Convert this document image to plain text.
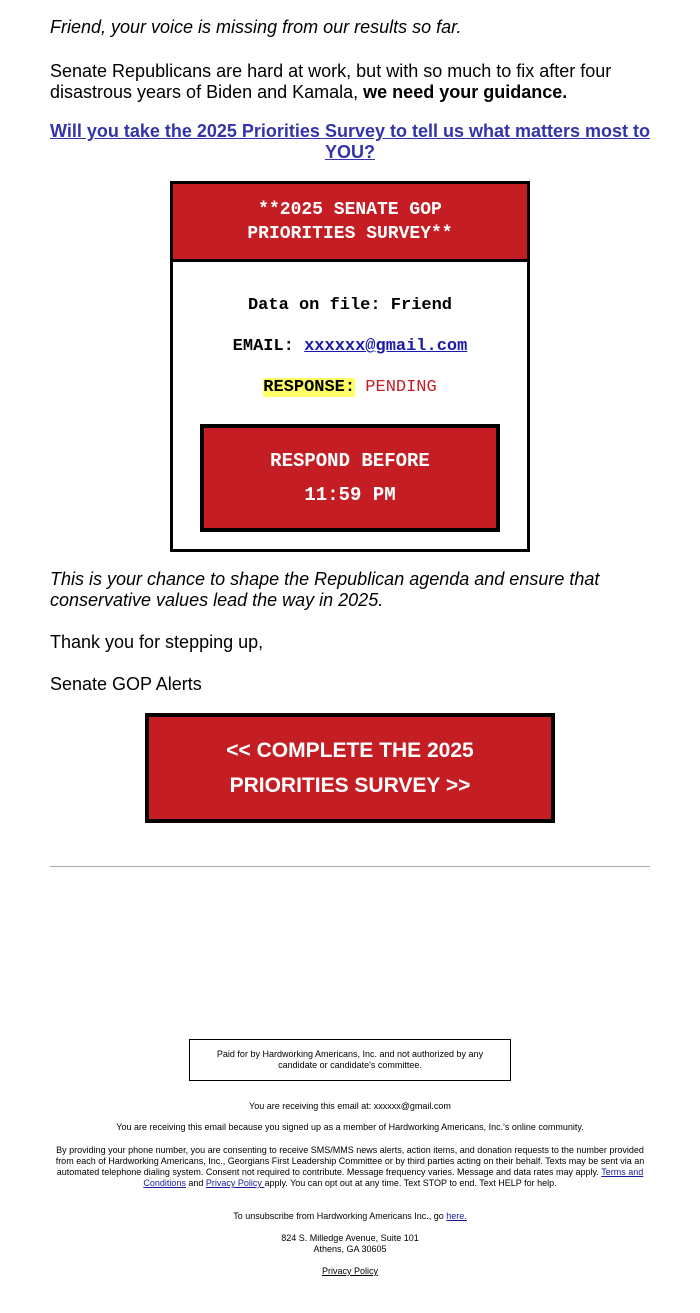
Friend, your voice is missing from our results so far.

Senate Republicans are hard at work, but with so much to fix after four disastrous years of Biden and Kamala, we need your guidance.

Will you take the 2025 Priorities Survey to tell us what matters most to YOU?

**2025 SENATE GOP
PRIORITIES SURVEY**
Data on file: Friend
EMAIL: xxxxxx@gmail.com
RESPONSE: PENDING
RESPOND BEFORE
11:59 PM

This is your chance to shape the Republican agenda and ensure that conservative values lead the way in 2025.

Thank you for stepping up,

Senate GOP Alerts

<< COMPLETE THE 2025
PRIORITIES SURVEY >>
Paid for by Hardworking Americans, Inc. and not authorized by any candidate or candidate's committee.
You are receiving this email at: xxxxxx@gmail.com
You are receiving this email because you signed up as a member of Hardworking Americans, Inc.'s online community.
By providing your phone number, you are consenting to receive SMS/MMS news alerts, action items, and donation requests to the number provided from each of Hardworking Americans, Inc., Georgians First Leadership Committee or by third parties acting on their behalf. Texts may be sent via an automated telephone dialing system. Consent not required to contribute. Message frequency varies. Message and data rates may apply. Terms and Conditions and Privacy Policy apply. You can opt out at any time. Text STOP to end. Text HELP for help.
To unsubscribe from Hardworking Americans Inc., go here.
824 S. Milledge Avenue, Suite 101
Athens, GA 30605
Privacy Policy
